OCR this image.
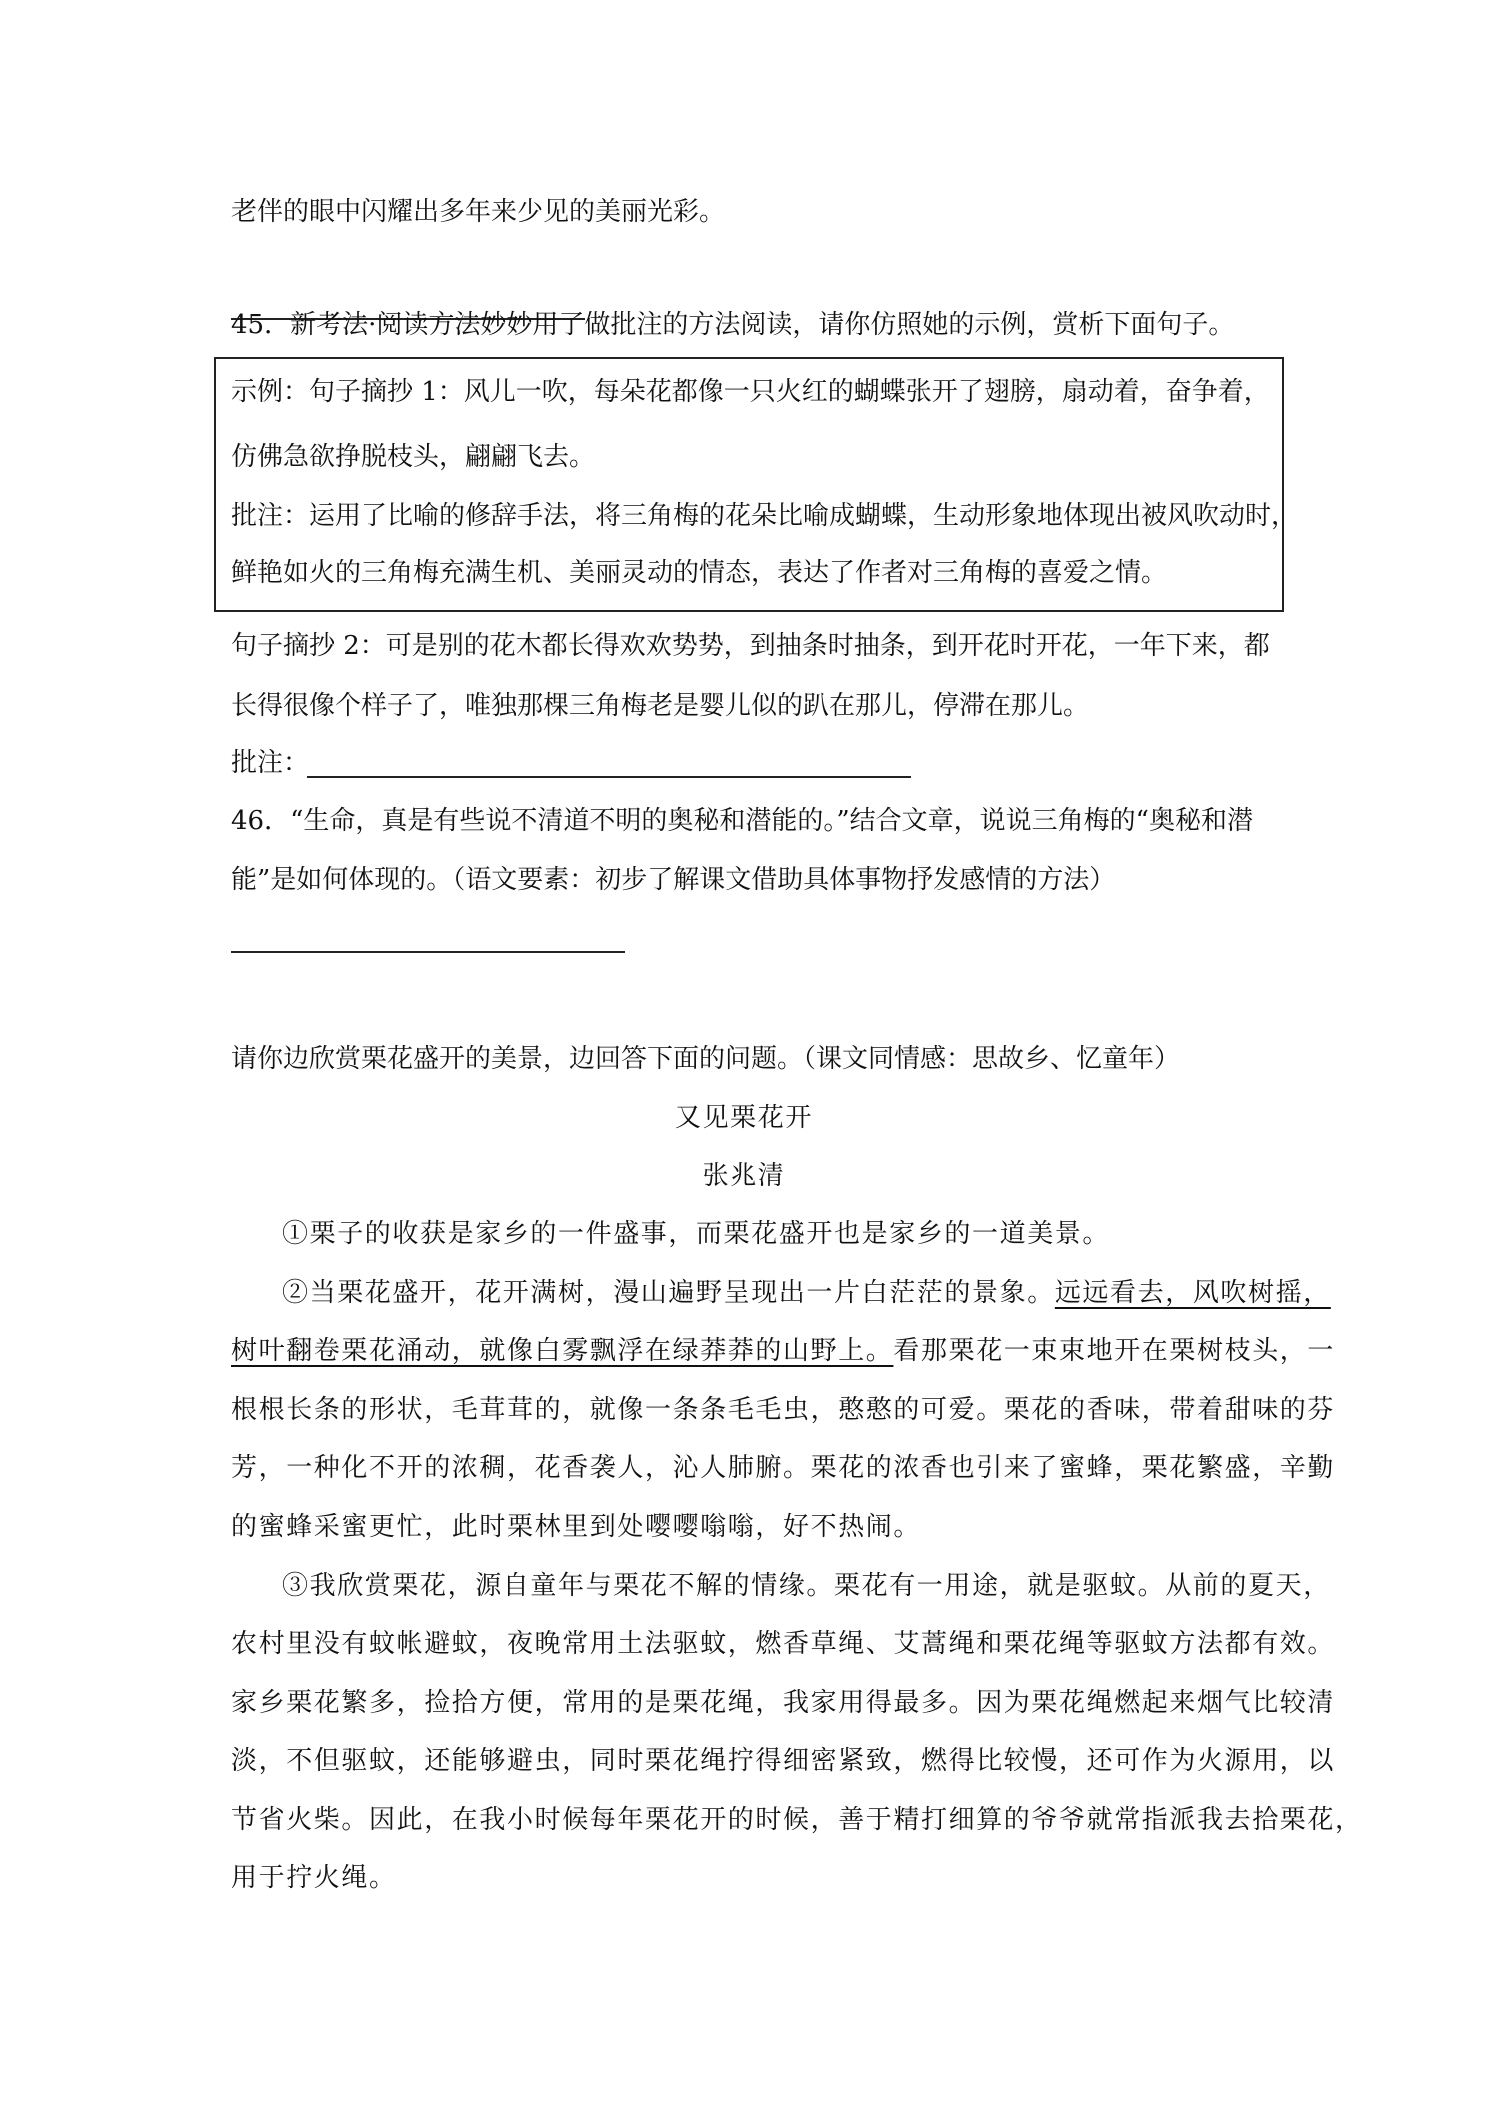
老伴的眼中闪耀出多年来少见的美丽光彩。
45．新考法·阅读方法妙妙用了做批注的方法阅读，请你仿照她的示例，赏析下面句子。
示例：句子摘抄 1：风儿一吹，每朵花都像一只火红的蝴蝶张开了翅膀，扇动着，奋争着，
仿佛急欲挣脱枝头，翩翩飞去。
批注：运用了比喻的修辞手法，将三角梅的花朵比喻成蝴蝶，生动形象地体现出被风吹动时，
鲜艳如火的三角梅充满生机、美丽灵动的情态，表达了作者对三角梅的喜爱之情。
句子摘抄 2：可是别的花木都长得欢欢势势，到抽条时抽条，到开花时开花，一年下来，都
长得很像个样子了，唯独那棵三角梅老是婴儿似的趴在那儿，停滞在那儿。
批注：
46．“生命，真是有些说不清道不明的奥秘和潜能的。”结合文章，说说三角梅的“奥秘和潜
能”是如何体现的。（语文要素：初步了解课文借助具体事物抒发感情的方法）
请你边欣赏栗花盛开的美景，边回答下面的问题。（课文同情感：思故乡、忆童年）
又见栗花开
张兆清
①栗子的收获是家乡的一件盛事，而栗花盛开也是家乡的一道美景。
②当栗花盛开，花开满树，漫山遍野呈现出一片白茫茫的景象。远远看去，风吹树摇，
树叶翻卷栗花涌动，就像白雾飘浮在绿莽莽的山野上。看那栗花一束束地开在栗树枝头，一
根根长条的形状，毛茸茸的，就像一条条毛毛虫，憨憨的可爱。栗花的香味，带着甜味的芬
芳，一种化不开的浓稠，花香袭人，沁人肺腑。栗花的浓香也引来了蜜蜂，栗花繁盛，辛勤
的蜜蜂采蜜更忙，此时栗林里到处嘤嘤嗡嗡，好不热闹。
③我欣赏栗花，源自童年与栗花不解的情缘。栗花有一用途，就是驱蚊。从前的夏天，
农村里没有蚊帐避蚊，夜晚常用土法驱蚊，燃香草绳、艾蒿绳和栗花绳等驱蚊方法都有效。
家乡栗花繁多，捡拾方便，常用的是栗花绳，我家用得最多。因为栗花绳燃起来烟气比较清
淡，不但驱蚊，还能够避虫，同时栗花绳拧得细密紧致，燃得比较慢，还可作为火源用，以
节省火柴。因此，在我小时候每年栗花开的时候，善于精打细算的爷爷就常指派我去拾栗花，
用于拧火绳。
